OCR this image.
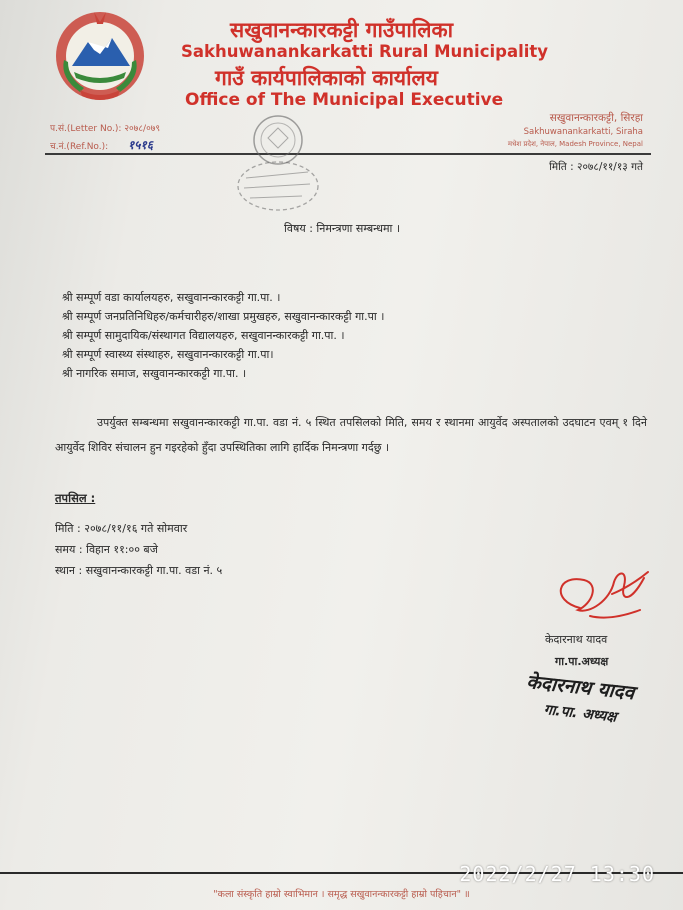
सखुवानन्कारकट्टी गाउँपालिका
Sakhuwanankarkatti Rural Municipality
गाउँ कार्यपालिकाको कार्यालय
Office of The Municipal Executive
सखुवानन्कारकट्टी, सिरहा
Sakhuwanankarkatti, Siraha
मधेश प्रदेश, नेपाल, Madesh Province, Nepal
प.सं.(Letter No.): २०७८/०७९
च.नं.(Ref.No.): १५१६
मिति : २०७८/११/१३ गते
विषय : निमन्त्रणा सम्बन्धमा ।
श्री सम्पूर्ण वडा कार्यालयहरु, सखुवानन्कारकट्टी गा.पा. ।
श्री सम्पूर्ण जनप्रतिनिधिहरु/कर्मचारीहरु/शाखा प्रमुखहरु, सखुवानन्कारकट्टी गा.पा ।
श्री सम्पूर्ण सामुदायिक/संस्थागत विद्यालयहरु, सखुवानन्कारकट्टी गा.पा. ।
श्री सम्पूर्ण स्वास्थ्य संस्थाहरु, सखुवानन्कारकट्टी गा.पा।
श्री नागरिक समाज, सखुवानन्कारकट्टी गा.पा. ।
उपर्युक्त सम्बन्धमा सखुवानन्कारकट्टी गा.पा. वडा नं. ५ स्थित तपसिलको मिति, समय र स्थानमा आयुर्वेद अस्पतालको उदघाटन एवम् १ दिने आयुर्वेद शिविर संचालन हुन गइरहेको हुँदा उपस्थितिका लागि हार्दिक निमन्त्रणा गर्दछु ।
तपसिल :
मिति : २०७८/११/१६ गते सोमवार
समय : विहान ११:०० बजे
स्थान : सखुवानन्कारकट्टी गा.पा. वडा नं. ५
केदारनाथ यादव
गा.पा.अध्यक्ष
केदारनाथ यादव
गा.पा. अध्यक्ष
2022/2/27 13:30
"कला संस्कृति हाम्रो स्वाभिमान । समृद्ध सखुवानन्कारकट्टी हाम्रो पहिचान" ॥
